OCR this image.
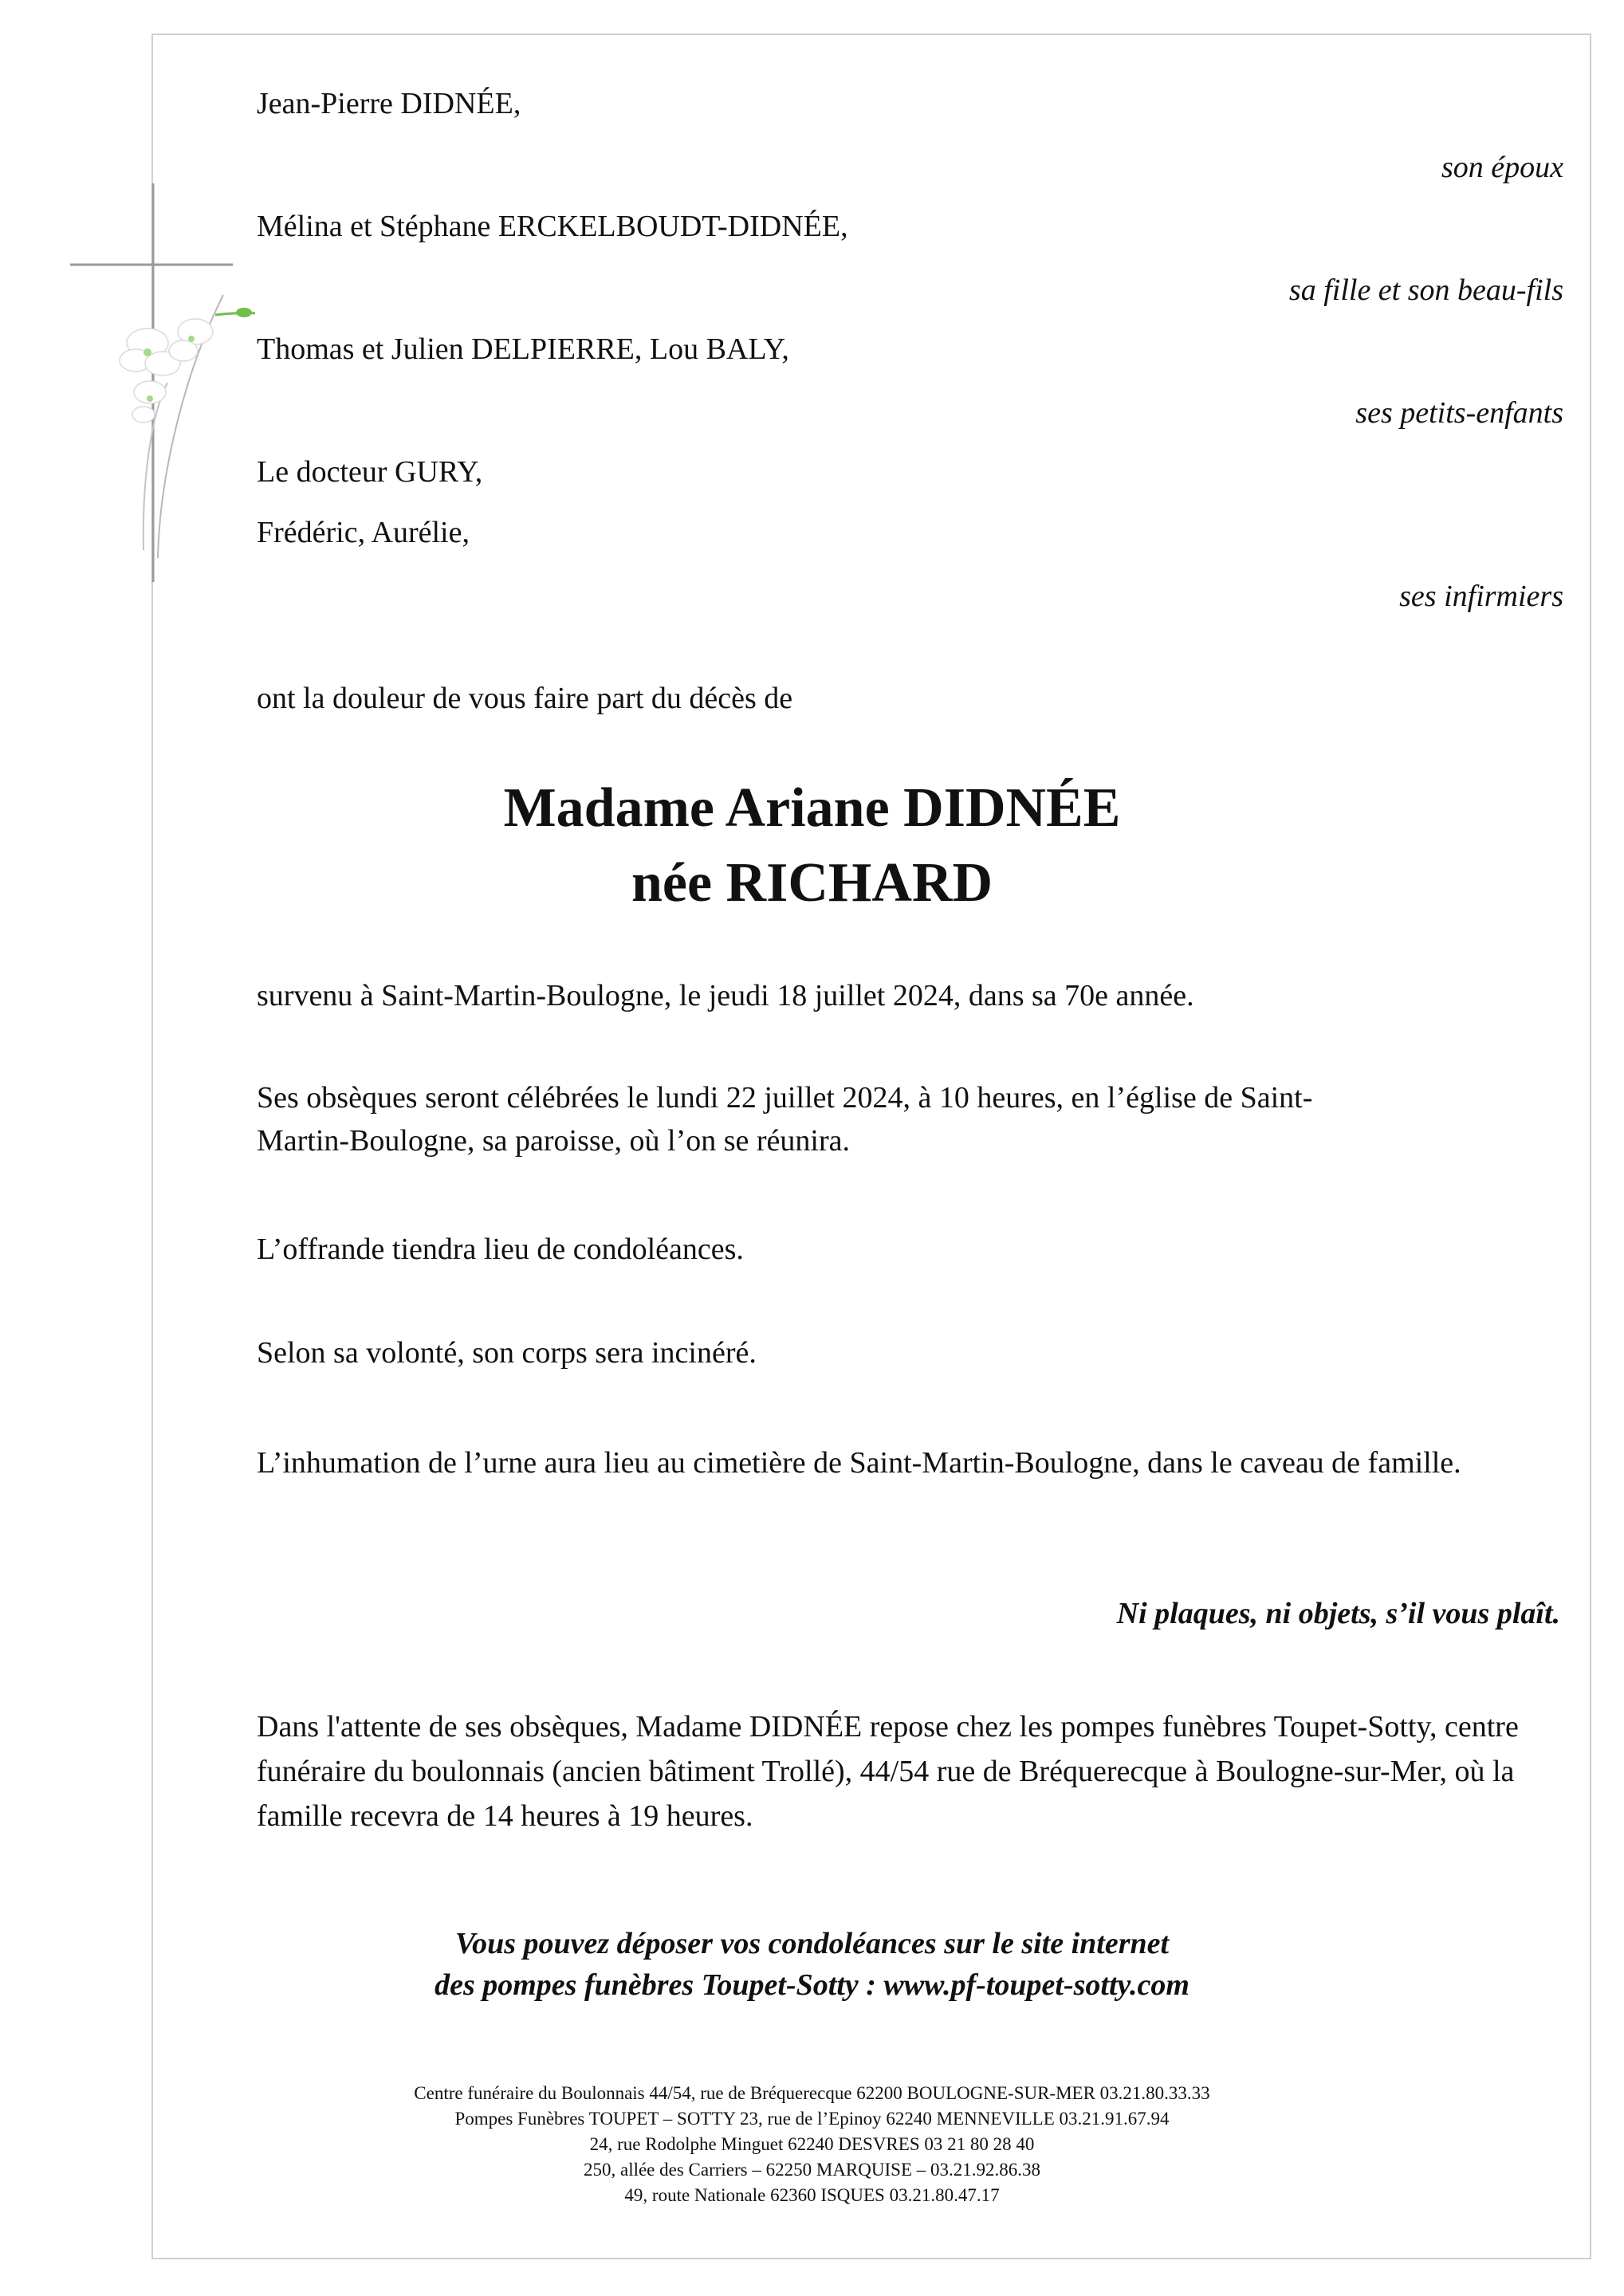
Jean-Pierre DIDNÉE,
son époux
Mélina et Stéphane ERCKELBOUDT-DIDNÉE,
sa fille et son beau-fils
Thomas et Julien DELPIERRE, Lou BALY,
ses petits-enfants
Le docteur GURY,
Frédéric, Aurélie,
ses infirmiers
ont la douleur de vous faire part du décès de
Madame Ariane DIDNÉE
née RICHARD
survenu à Saint-Martin-Boulogne, le jeudi 18 juillet 2024, dans sa 70e année.
Ses obsèques seront célébrées le lundi 22 juillet 2024, à 10 heures, en l’église de Saint-Martin-Boulogne, sa paroisse, où l’on se réunira.
L’offrande tiendra lieu de condoléances.
Selon sa volonté, son corps sera incinéré.
L’inhumation de l’urne aura lieu au cimetière de Saint-Martin-Boulogne, dans le caveau de famille.
Ni plaques, ni objets, s’il vous plaît.
Dans l'attente de ses obsèques, Madame DIDNÉE repose chez les pompes funèbres Toupet-Sotty, centre funéraire du boulonnais (ancien bâtiment Trollé), 44/54 rue de Bréquerecque à Boulogne-sur-Mer, où la famille recevra de 14 heures à 19 heures.
Vous pouvez déposer vos condoléances sur le site internet
des pompes funèbres Toupet-Sotty : www.pf-toupet-sotty.com
Centre funéraire du Boulonnais 44/54, rue de Bréquerecque 62200 BOULOGNE-SUR-MER 03.21.80.33.33
Pompes Funèbres TOUPET – SOTTY 23, rue de l’Epinoy 62240 MENNEVILLE 03.21.91.67.94
24, rue Rodolphe Minguet 62240 DESVRES 03 21 80 28 40
250, allée des Carriers – 62250 MARQUISE – 03.21.92.86.38
49, route Nationale 62360 ISQUES 03.21.80.47.17
